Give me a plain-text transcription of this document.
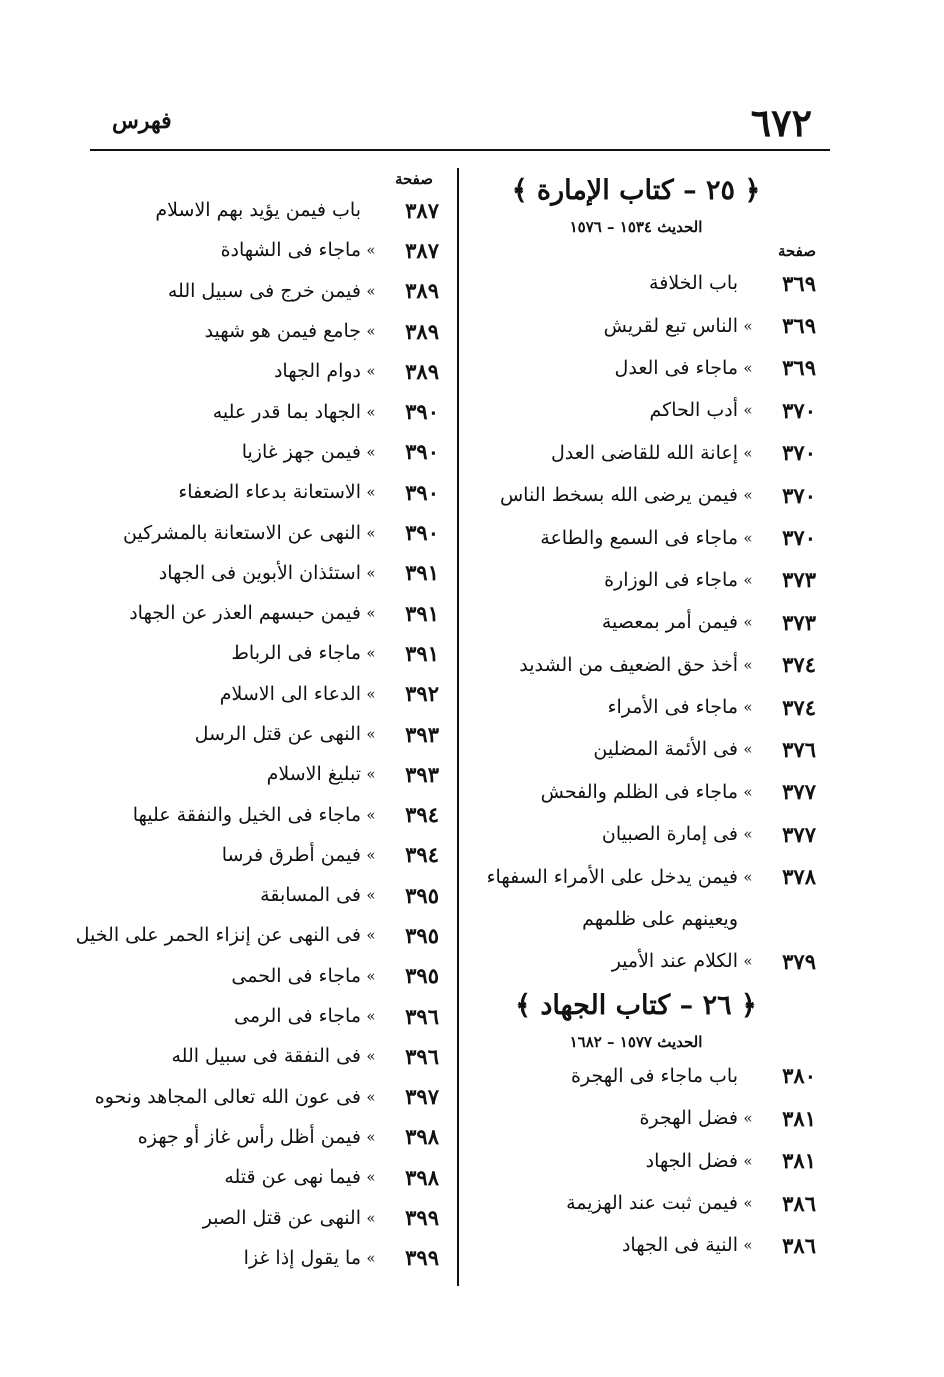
٦٧٢
فهرس
﴿ ٢٥ – كتاب الإمارة ﴾
الحديث ١٥٣٤ – ١٥٧٦
صفحة
٣٦٩
باب الخلافة
٣٦٩
»
الناس تبع لقريش
٣٦٩
»
ماجاء فى العدل
٣٧٠
»
أدب الحاكم
٣٧٠
»
إعانة الله للقاضى العدل
٣٧٠
»
فيمن يرضى الله بسخط الناس
٣٧٠
»
ماجاء فى السمع والطاعة
٣٧٣
»
ماجاء فى الوزارة
٣٧٣
»
فيمن أمر بمعصية
٣٧٤
»
أخذ حق الضعيف من الشديد
٣٧٤
»
ماجاء فى الأمراء
٣٧٦
»
فى الأئمة المضلين
٣٧٧
»
ماجاء فى الظلم والفحش
٣٧٧
»
فى إمارة الصبيان
٣٧٨
»
فيمن يدخل على الأمراء السفهاء
ويعينهم على ظلمهم
٣٧٩
»
الكلام عند الأمير
﴿ ٢٦ – كتاب الجهاد ﴾
الحديث ١٥٧٧ – ١٦٨٢
٣٨٠
باب ماجاء فى الهجرة
٣٨١
»
فضل الهجرة
٣٨١
»
فضل الجهاد
٣٨٦
»
فيمن ثبت عند الهزيمة
٣٨٦
»
النية فى الجهاد
صفحة
٣٨٧
باب فيمن يؤيد بهم الاسلام
٣٨٧
»
ماجاء فى الشهادة
٣٨٩
»
فيمن خرج فى سبيل الله
٣٨٩
»
جامع فيمن هو شهيد
٣٨٩
»
دوام الجهاد
٣٩٠
»
الجهاد بما قدر عليه
٣٩٠
»
فيمن جهز غازيا
٣٩٠
»
الاستعانة بدعاء الضعفاء
٣٩٠
»
النهى عن الاستعانة بالمشركين
٣٩١
»
استئذان الأبوين فى الجهاد
٣٩١
»
فيمن حبسهم العذر عن الجهاد
٣٩١
»
ماجاء فى الرباط
٣٩٢
»
الدعاء الى الاسلام
٣٩٣
»
النهى عن قتل الرسل
٣٩٣
»
تبليغ الاسلام
٣٩٤
»
ماجاء فى الخيل والنفقة عليها
٣٩٤
»
فيمن أطرق فرسا
٣٩٥
»
فى المسابقة
٣٩٥
»
فى النهى عن إنزاء الحمر على الخيل
٣٩٥
»
ماجاء فى الحمى
٣٩٦
»
ماجاء فى الرمى
٣٩٦
»
فى النفقة فى سبيل الله
٣٩٧
»
فى عون الله تعالى المجاهد ونحوه
٣٩٨
»
فيمن أظل رأس غاز أو جهزه
٣٩٨
»
فيما نهى عن قتله
٣٩٩
»
النهى عن قتل الصبر
٣٩٩
»
ما يقول إذا غزا
